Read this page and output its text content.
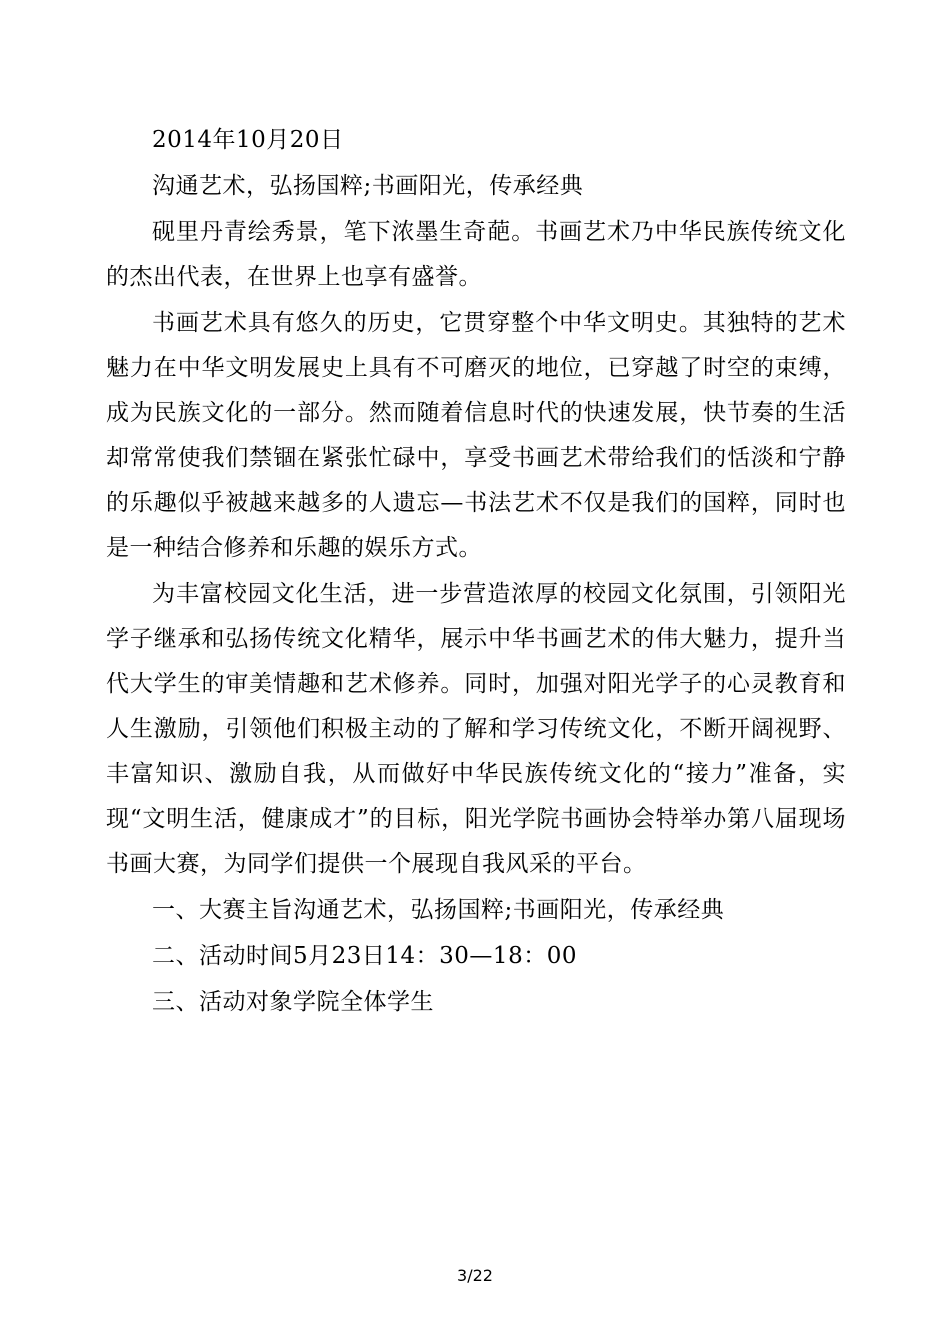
2014年10月20日

沟通艺术，弘扬国粹;书画阳光，传承经典

砚里丹青绘秀景，笔下浓墨生奇葩。书画艺术乃中华民族传统文化的杰出代表，在世界上也享有盛誉。

书画艺术具有悠久的历史，它贯穿整个中华文明史。其独特的艺术魅力在中华文明发展史上具有不可磨灭的地位，已穿越了时空的束缚，成为民族文化的一部分。然而随着信息时代的快速发展，快节奏的生活却常常使我们禁锢在紧张忙碌中，享受书画艺术带给我们的恬淡和宁静的乐趣似乎被越来越多的人遗忘—书法艺术不仅是我们的国粹，同时也是一种结合修养和乐趣的娱乐方式。

为丰富校园文化生活，进一步营造浓厚的校园文化氛围，引领阳光学子继承和弘扬传统文化精华，展示中华书画艺术的伟大魅力，提升当代大学生的审美情趣和艺术修养。同时，加强对阳光学子的心灵教育和人生激励，引领他们积极主动的了解和学习传统文化，不断开阔视野、丰富知识、激励自我，从而做好中华民族传统文化的“接力”准备，实现“文明生活，健康成才”的目标，阳光学院书画协会特举办第八届现场书画大赛，为同学们提供一个展现自我风采的平台。

一、大赛主旨沟通艺术，弘扬国粹;书画阳光，传承经典

二、活动时间5月23日14：30—18：00

三、活动对象学院全体学生

3/22
